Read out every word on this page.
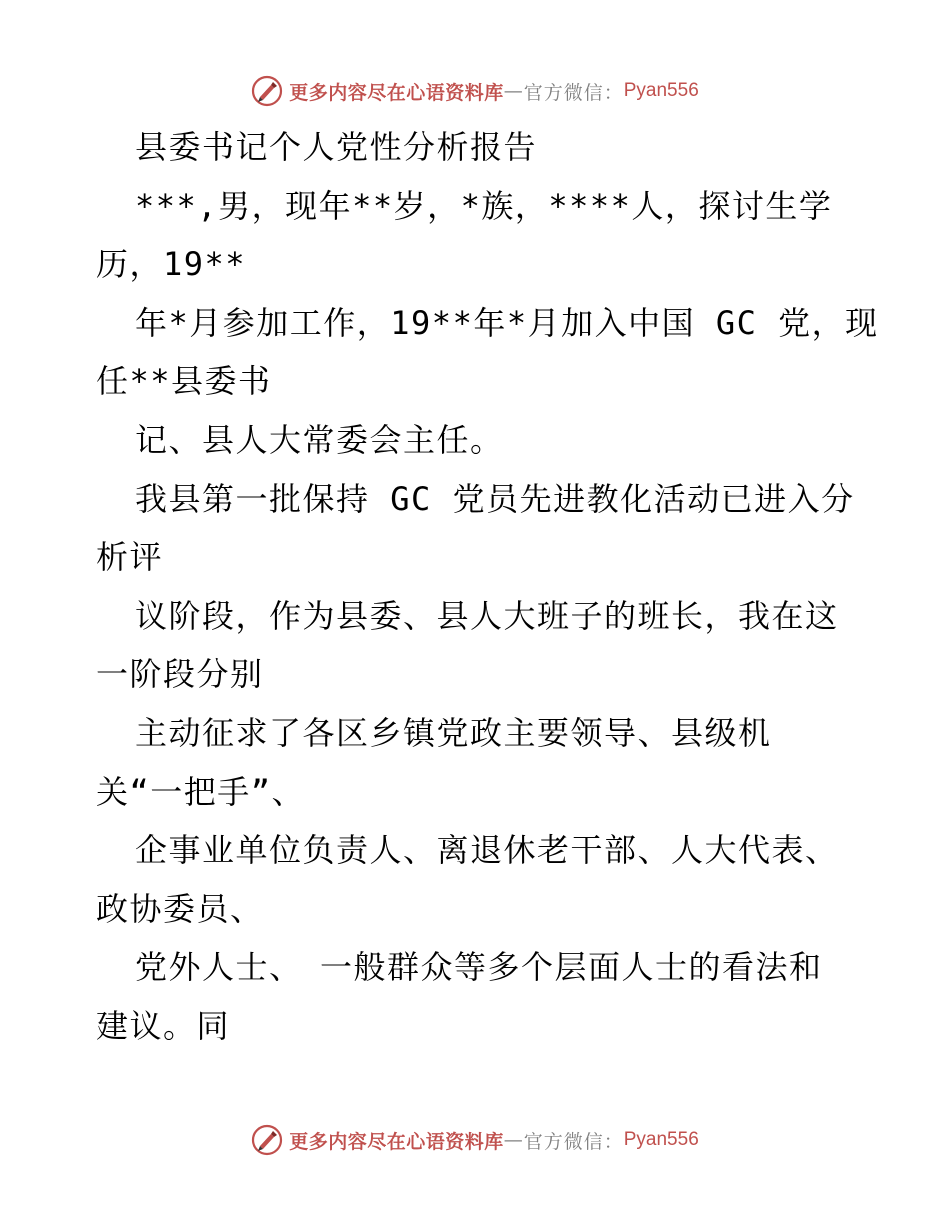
更多内容尽在心语资料库 — 官方微信： Pyan556
县委书记个人党性分析报告
***,男，现年**岁，*族，****人，探讨生学
历，19**
年*月参加工作，19**年*月加入中国 GC 党，现
任**县委书
记、县人大常委会主任。
我县第一批保持 GC 党员先进教化活动已进入分
析评
议阶段，作为县委、县人大班子的班长，我在这
一阶段分别
主动征求了各区乡镇党政主要领导、县级机
关“一把手”、
企事业单位负责人、离退休老干部、人大代表、
政协委员、
党外人士、　一般群众等多个层面人士的看法和
建议。同
更多内容尽在心语资料库 — 官方微信： Pyan556
